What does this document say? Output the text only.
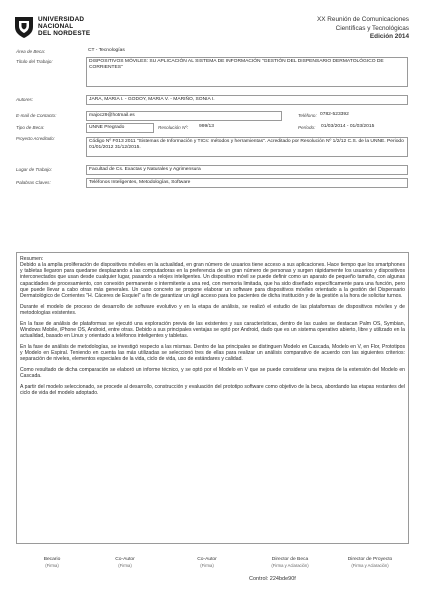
UNIVERSIDAD
NACIONAL
DEL NORDESTE
XX Reunión de Comunicaciones
Científicas y Tecnológicas
Edición 2014
Área de Beca:	CT - Tecnologías
Título del Trabajo:	DISPOSITIVOS MÓVILES: SU APLICACIÓN AL SISTEMA DE INFORMACIÓN "GESTIÓN DEL DISPENSARIO DERMATOLÓGICO DE CORRIENTES"
Autores:	JARA, MARIA I. - GODOY, MARIA V. - MARIÑO, SONIA I.
E-mail de Contacto:	majoc29@hotmail.es	Teléfono: 0782-523392
Tipo de Beca:	UNNE Pregrado	Resolución Nº: 999/13	Período: 01/03/2014 - 01/03/2015
Proyecto Acreditado:
Código Nº F013 2011 "Sistemas de Información y TICs: métodos y herramientas". Acreditado por Resolución Nº 1/2/12 C.S. de la UNNE. Periodo 01/01/2012 31/12/2015.
Lugar de Trabajo:	Facultad de Cs. Exactas y Naturales y Agrimensura
Palabras Claves:	Teléfonos Inteligentes, Metodologías, Software
Resumen:

Debido a la amplia proliferación de dispositivos móviles en la actualidad, en gran número de usuarios tiene acceso a sus aplicaciones. Hace tiempo que los smartphones y tabletas llegaron para quedarse desplazando a las computadoras en la preferencia de un gran número de personas y surgen rápidamente los usuarios y dispositivos interconectados que usan desde cualquier lugar, pasando a relojes inteligentes. Un dispositivo móvil se puede definir como un aparato de pequeño tamaño, con algunas capacidades de procesamiento, con conexión permanente o intermitente a una red, con memoria limitada, que ha sido diseñado específicamente para una función, pero que puede llevar a cabo otras más generales. Un caso concreto se propone elaborar un software para dispositivos móviles orientado a la gestión del Dispensario Dermatológico de Corrientes "H. Cáceres de Esquiel" a fin de garantizar un ágil acceso para los pacientes de dicha institución y de la gestión a la hora de solicitar turnos.

Durante el modelo de proceso de desarrollo de software evolutivo y en la etapa de análisis, se realizó el estudio de las plataformas de dispositivos móviles y de metodologías existentes.

En la fase de análisis de plataformas se ejecutó una exploración previa de las existentes y sus características, dentro de las cuales se destacan Palm OS, Symbian, Windows Mobile, iPhone OS, Android, entre otras. Debido a sus principales ventajas se optó por Android, dado que es un sistema operativo abierto, libre y utilizado en la actualidad, basado en Linux y orientado a teléfonos inteligentes y tabletas.

En la fase de análisis de metodologías, se investigó respecto a las mismas. Dentro de las principales se distinguen Modelo en Cascada, Modelo en V, en Flor, Prototipos y Modelo en Espiral. Teniendo en cuenta las más utilizadas se seleccionó tres de ellas para realizar un análisis comparativo de acuerdo con las siguientes criterios: separación de niveles, elementos especiales de la vida, ciclo de vida, uso de estándares y calidad.

Como resultado de dicha comparación se elaboró un informe técnico, y se optó por el Modelo en V que se puede considerar una mejora de la extensión del Modelo en Cascada.

A partir del modelo seleccionado, se procede al desarrollo, construcción y evaluación del prototipo software como objetivo de la beca, abordando las etapas restantes del ciclo de vida del modelo adoptado.

Becario
(Firma)
Co-Autor
(Firma)
Co-Autor
(Firma)
Director de Beca
(Firma y Aclaración)
Director de Proyecto
(Firma y Aclaración)
Control: 224bde90f
